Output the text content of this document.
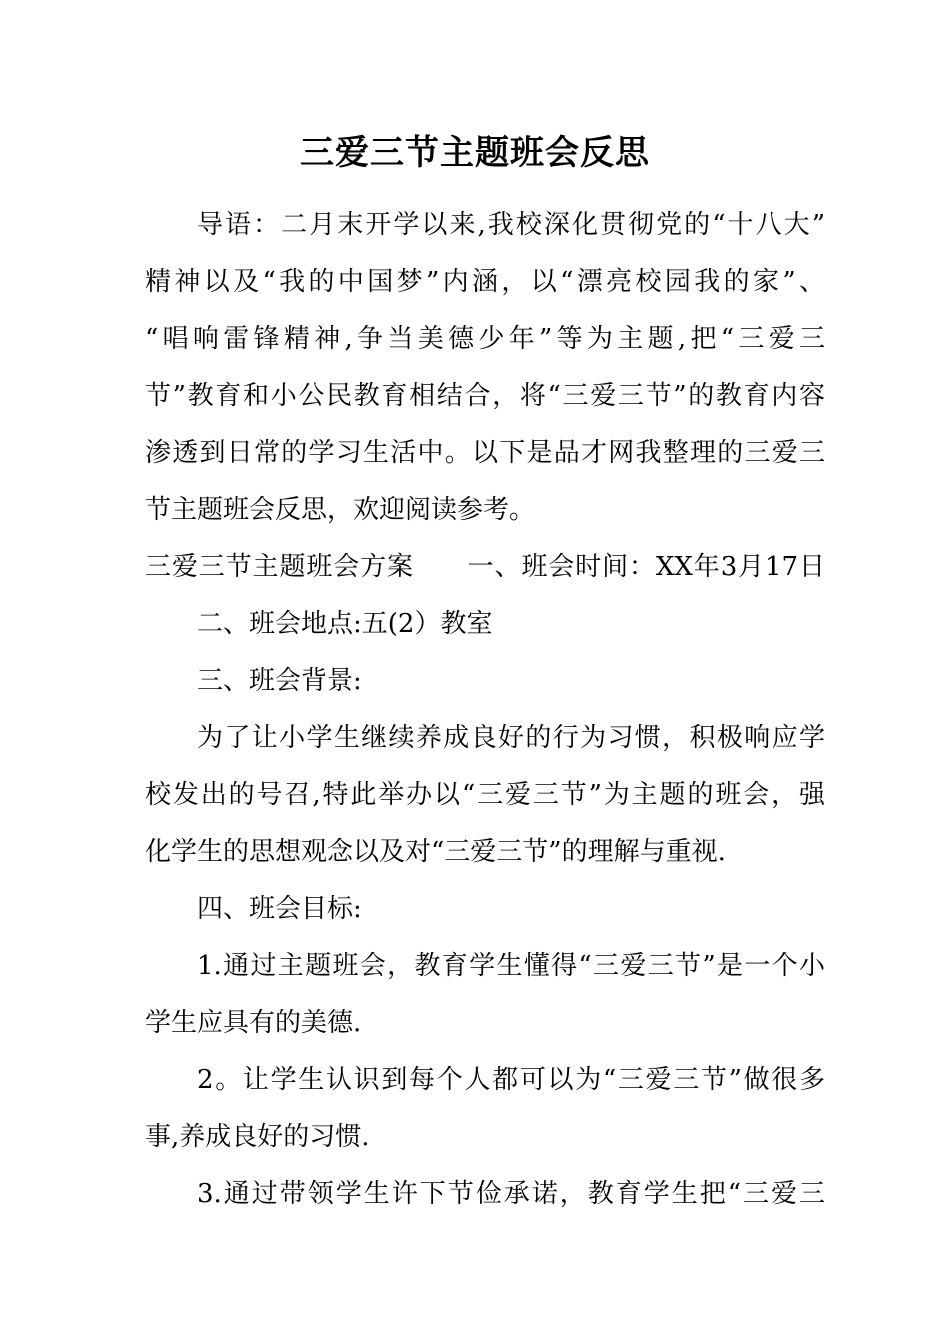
三爱三节主题班会反思
导语：二月末开学以来,我校深化贯彻党的“十八大”
精神以及“我的中国梦”内涵，以“漂亮校园我的家”、
“唱响雷锋精神,争当美德少年”等为主题,把“三爱三
节”教育和小公民教育相结合，将“三爱三节”的教育内容
渗透到日常的学习生活中。以下是品才网我整理的三爱三
节主题班会反思，欢迎阅读参考。
三爱三节主题班会方案　　一、班会时间：XX年3月17日
二、班会地点:五(2）教室
三、班会背景:
为了让小学生继续养成良好的行为习惯，积极响应学
校发出的号召,特此举办以“三爱三节”为主题的班会，强
化学生的思想观念以及对“三爱三节”的理解与重视.
四、班会目标:
1.通过主题班会，教育学生懂得“三爱三节”是一个小
学生应具有的美德.
2。让学生认识到每个人都可以为“三爱三节”做很多
事,养成良好的习惯.
3.通过带领学生许下节俭承诺，教育学生把“三爱三
